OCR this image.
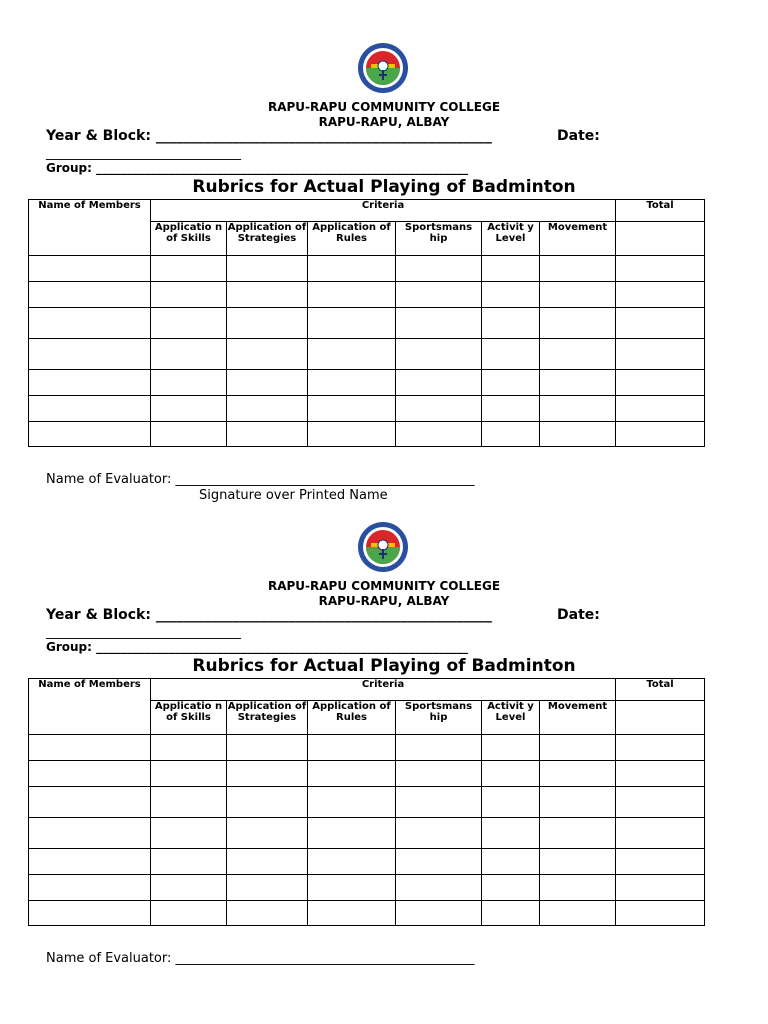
RAPU-RAPU COMMUNITY COLLEGE
RAPU-RAPU, ALBAY
Year & Block: ________________________________________________	Date:
______________________________
Group: ______________________________________________________________
Rubrics for Actual Playing of Badminton
Name of Members	Criteria						Total
	Applicatio n of Skills	Application of Strategies	Application of Rules	Sportsmans hip	Activit y Level	Movement	

Name of Evaluator: ______________________________________________
Signature over Printed Name
RAPU-RAPU COMMUNITY COLLEGE
RAPU-RAPU, ALBAY
Year & Block: ________________________________________________	Date:
______________________________
Group: ______________________________________________________________
Rubrics for Actual Playing of Badminton
Name of Members	Criteria						Total
	Applicatio n of Skills	Application of Strategies	Application of Rules	Sportsmans hip	Activit y Level	Movement	

Name of Evaluator: ______________________________________________
